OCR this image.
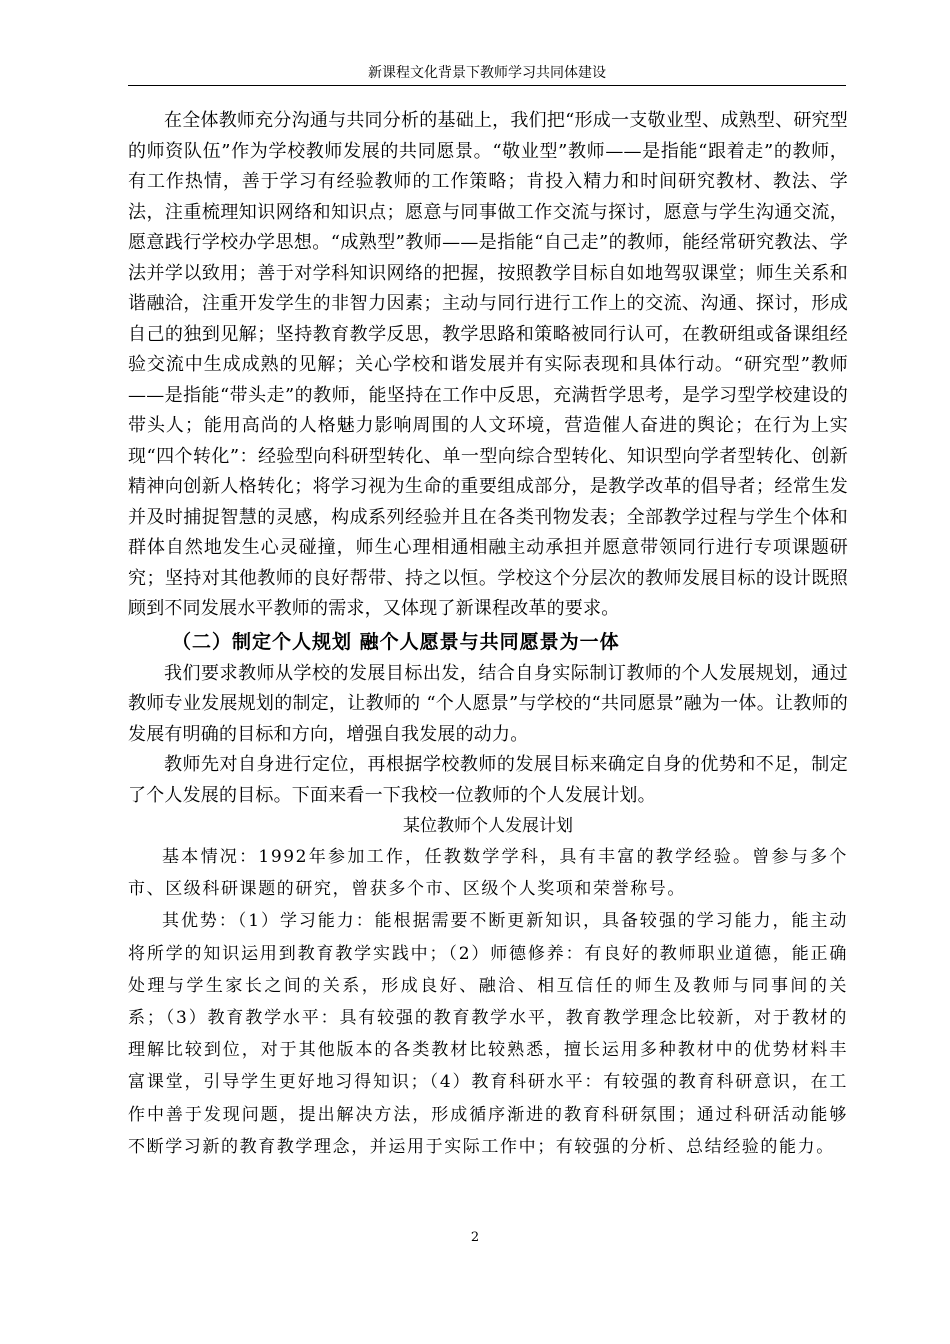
新课程文化背景下教师学习共同体建设

在全体教师充分沟通与共同分析的基础上，我们把“形成一支敬业型、成熟型、研究型的师资队伍”作为学校教师发展的共同愿景。“敬业型”教师——是指能“跟着走”的教师，有工作热情，善于学习有经验教师的工作策略；肯投入精力和时间研究教材、教法、学法，注重梳理知识网络和知识点；愿意与同事做工作交流与探讨，愿意与学生沟通交流，愿意践行学校办学思想。“成熟型”教师——是指能“自己走”的教师，能经常研究教法、学法并学以致用；善于对学科知识网络的把握，按照教学目标自如地驾驭课堂；师生关系和谐融洽，注重开发学生的非智力因素；主动与同行进行工作上的交流、沟通、探讨，形成自己的独到见解；坚持教育教学反思，教学思路和策略被同行认可，在教研组或备课组经验交流中生成成熟的见解；关心学校和谐发展并有实际表现和具体行动。“研究型”教师——是指能“带头走”的教师，能坚持在工作中反思，充满哲学思考，是学习型学校建设的带头人；能用高尚的人格魅力影响周围的人文环境，营造催人奋进的舆论；在行为上实现“四个转化”：经验型向科研型转化、单一型向综合型转化、知识型向学者型转化、创新精神向创新人格转化；将学习视为生命的重要组成部分，是教学改革的倡导者；经常生发并及时捕捉智慧的灵感，构成系列经验并且在各类刊物发表；全部教学过程与学生个体和群体自然地发生心灵碰撞，师生心理相通相融主动承担并愿意带领同行进行专项课题研究；坚持对其他教师的良好帮带、持之以恒。学校这个分层次的教师发展目标的设计既照顾到不同发展水平教师的需求，又体现了新课程改革的要求。

（二）制定个人规划 融个人愿景与共同愿景为一体

我们要求教师从学校的发展目标出发，结合自身实际制订教师的个人发展规划，通过教师专业发展规划的制定，让教师的 “个人愿景”与学校的“共同愿景”融为一体。让教师的发展有明确的目标和方向，增强自我发展的动力。

教师先对自身进行定位，再根据学校教师的发展目标来确定自身的优势和不足，制定了个人发展的目标。下面来看一下我校一位教师的个人发展计划。

某位教师个人发展计划

基本情况：1992年参加工作，任教数学学科，具有丰富的教学经验。曾参与多个市、区级科研课题的研究，曾获多个市、区级个人奖项和荣誉称号。

其优势：（1）学习能力：能根据需要不断更新知识，具备较强的学习能力，能主动将所学的知识运用到教育教学实践中；（2）师德修养：有良好的教师职业道德，能正确处理与学生家长之间的关系，形成良好、融洽、相互信任的师生及教师与同事间的关系；（3）教育教学水平：具有较强的教育教学水平，教育教学理念比较新，对于教材的理解比较到位，对于其他版本的各类教材比较熟悉，擅长运用多种教材中的优势材料丰富课堂，引导学生更好地习得知识；（4）教育科研水平：有较强的教育科研意识，在工作中善于发现问题，提出解决方法，形成循序渐进的教育科研氛围；通过科研活动能够不断学习新的教育教学理念，并运用于实际工作中；有较强的分析、总结经验的能力。

2
